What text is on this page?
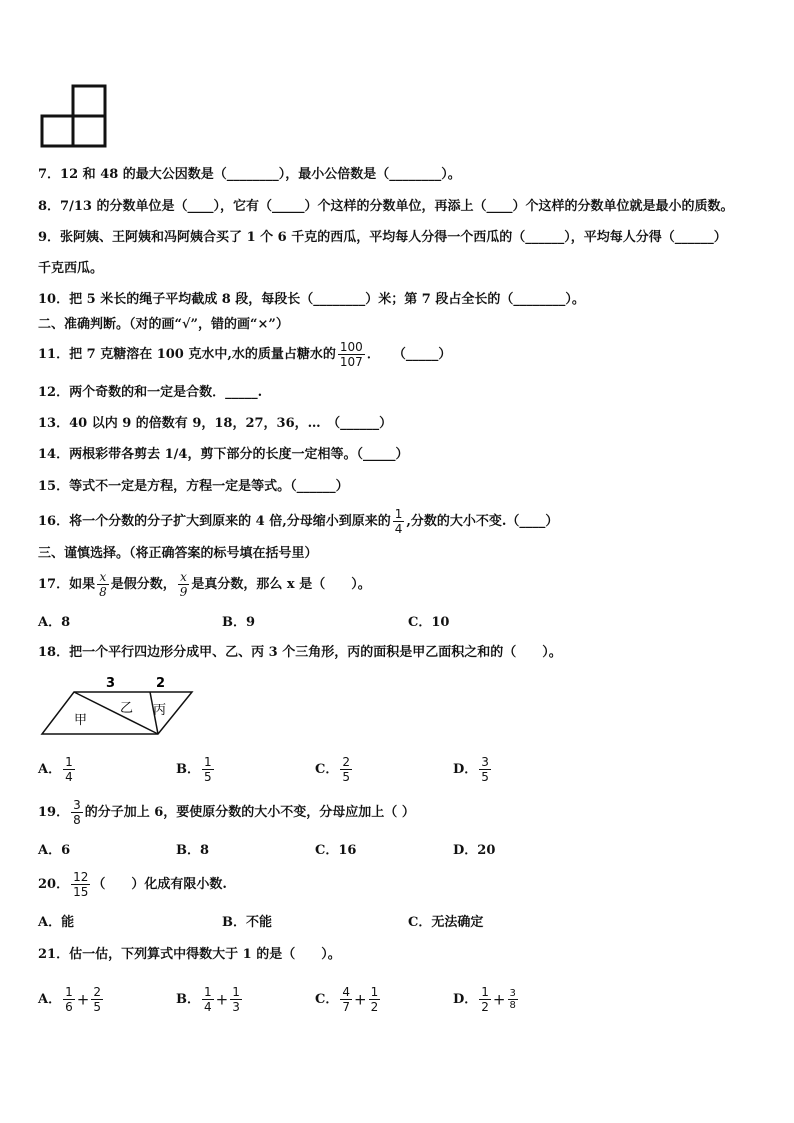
7．12 和 48 的最大公因数是（________），最小公倍数是（________）。
8．7/13 的分数单位是（____），它有（_____）个这样的分数单位，再添上（____）个这样的分数单位就是最小的质数。
9．张阿姨、王阿姨和冯阿姨合买了 1 个 6 千克的西瓜，平均每人分得一个西瓜的（______），平均每人分得（______）
千克西瓜。
10．把 5 米长的绳子平均截成 8 段，每段长（________）米；第 7 段占全长的（________）。
二、准确判断。（对的画“√”，错的画“×”）
11．把 7 克糖溶在 100 克水中,水的质量占糖水的 $\frac{100}{107}$ ．　　（_____）
12．两个奇数的和一定是合数．_____.
13．40 以内 9 的倍数有 9，18，27，36，…　（______）
14．两根彩带各剪去 1/4，剪下部分的长度一定相等。（_____）
15．等式不一定是方程，方程一定是等式。（______）
16．将一个分数的分子扩大到原来的 4 倍,分母缩小到原来的 $\frac{1}{4}$ ,分数的大小不变.（____）
三、谨慎选择。（将正确答案的标号填在括号里）
17．如果 $\frac{x}{8}$ 是假分数， $\frac{x}{9}$ 是真分数，那么 x 是（　　）。
A．8	B．9	C．10
18．把一个平行四边形分成甲、乙、丙 3 个三角形，丙的面积是甲乙面积之和的（　　）。
3	2
甲
乙 丙
A． $\frac{1}{4}$	B． $\frac{1}{5}$	C． $\frac{2}{5}$	D． $\frac{3}{5}$
19． $\frac{3}{8}$ 的分子加上 6，要使原分数的大小不变，分母应加上（ ）
A．6	B．8	C．16	D．20
20． $\frac{12}{15}$ （　　）化成有限小数.
A．能	B．不能	C．无法确定
21．估一估，下列算式中得数大于 1 的是（　　）。
A． $\frac{1}{6} + \frac{2}{5}$	B． $\frac{1}{4} + \frac{1}{3}$	C． $\frac{4}{7} + \frac{1}{2}$	D． $\frac{1}{2} + \frac{3}{8}$
